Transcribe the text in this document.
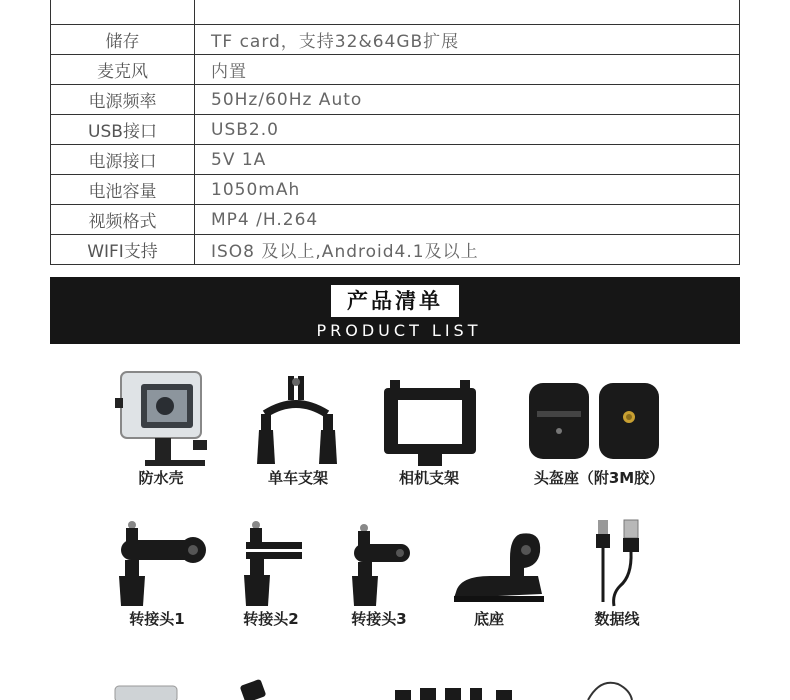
储存	TF card，支持32&64GB扩展
麦克风	内置
电源频率	50Hz/60Hz Auto
USB接口	USB2.0
电源接口	5V 1A
电池容量	1050mAh
视频格式	MP4 /H.264
WIFI支持	ISO8 及以上,Android4.1及以上
产品清单
PRODUCT LIST
防水壳	单车支架	相机支架	头盔座（附3M胶）
转接头1	转接头2	转接头3	底座	数据线
